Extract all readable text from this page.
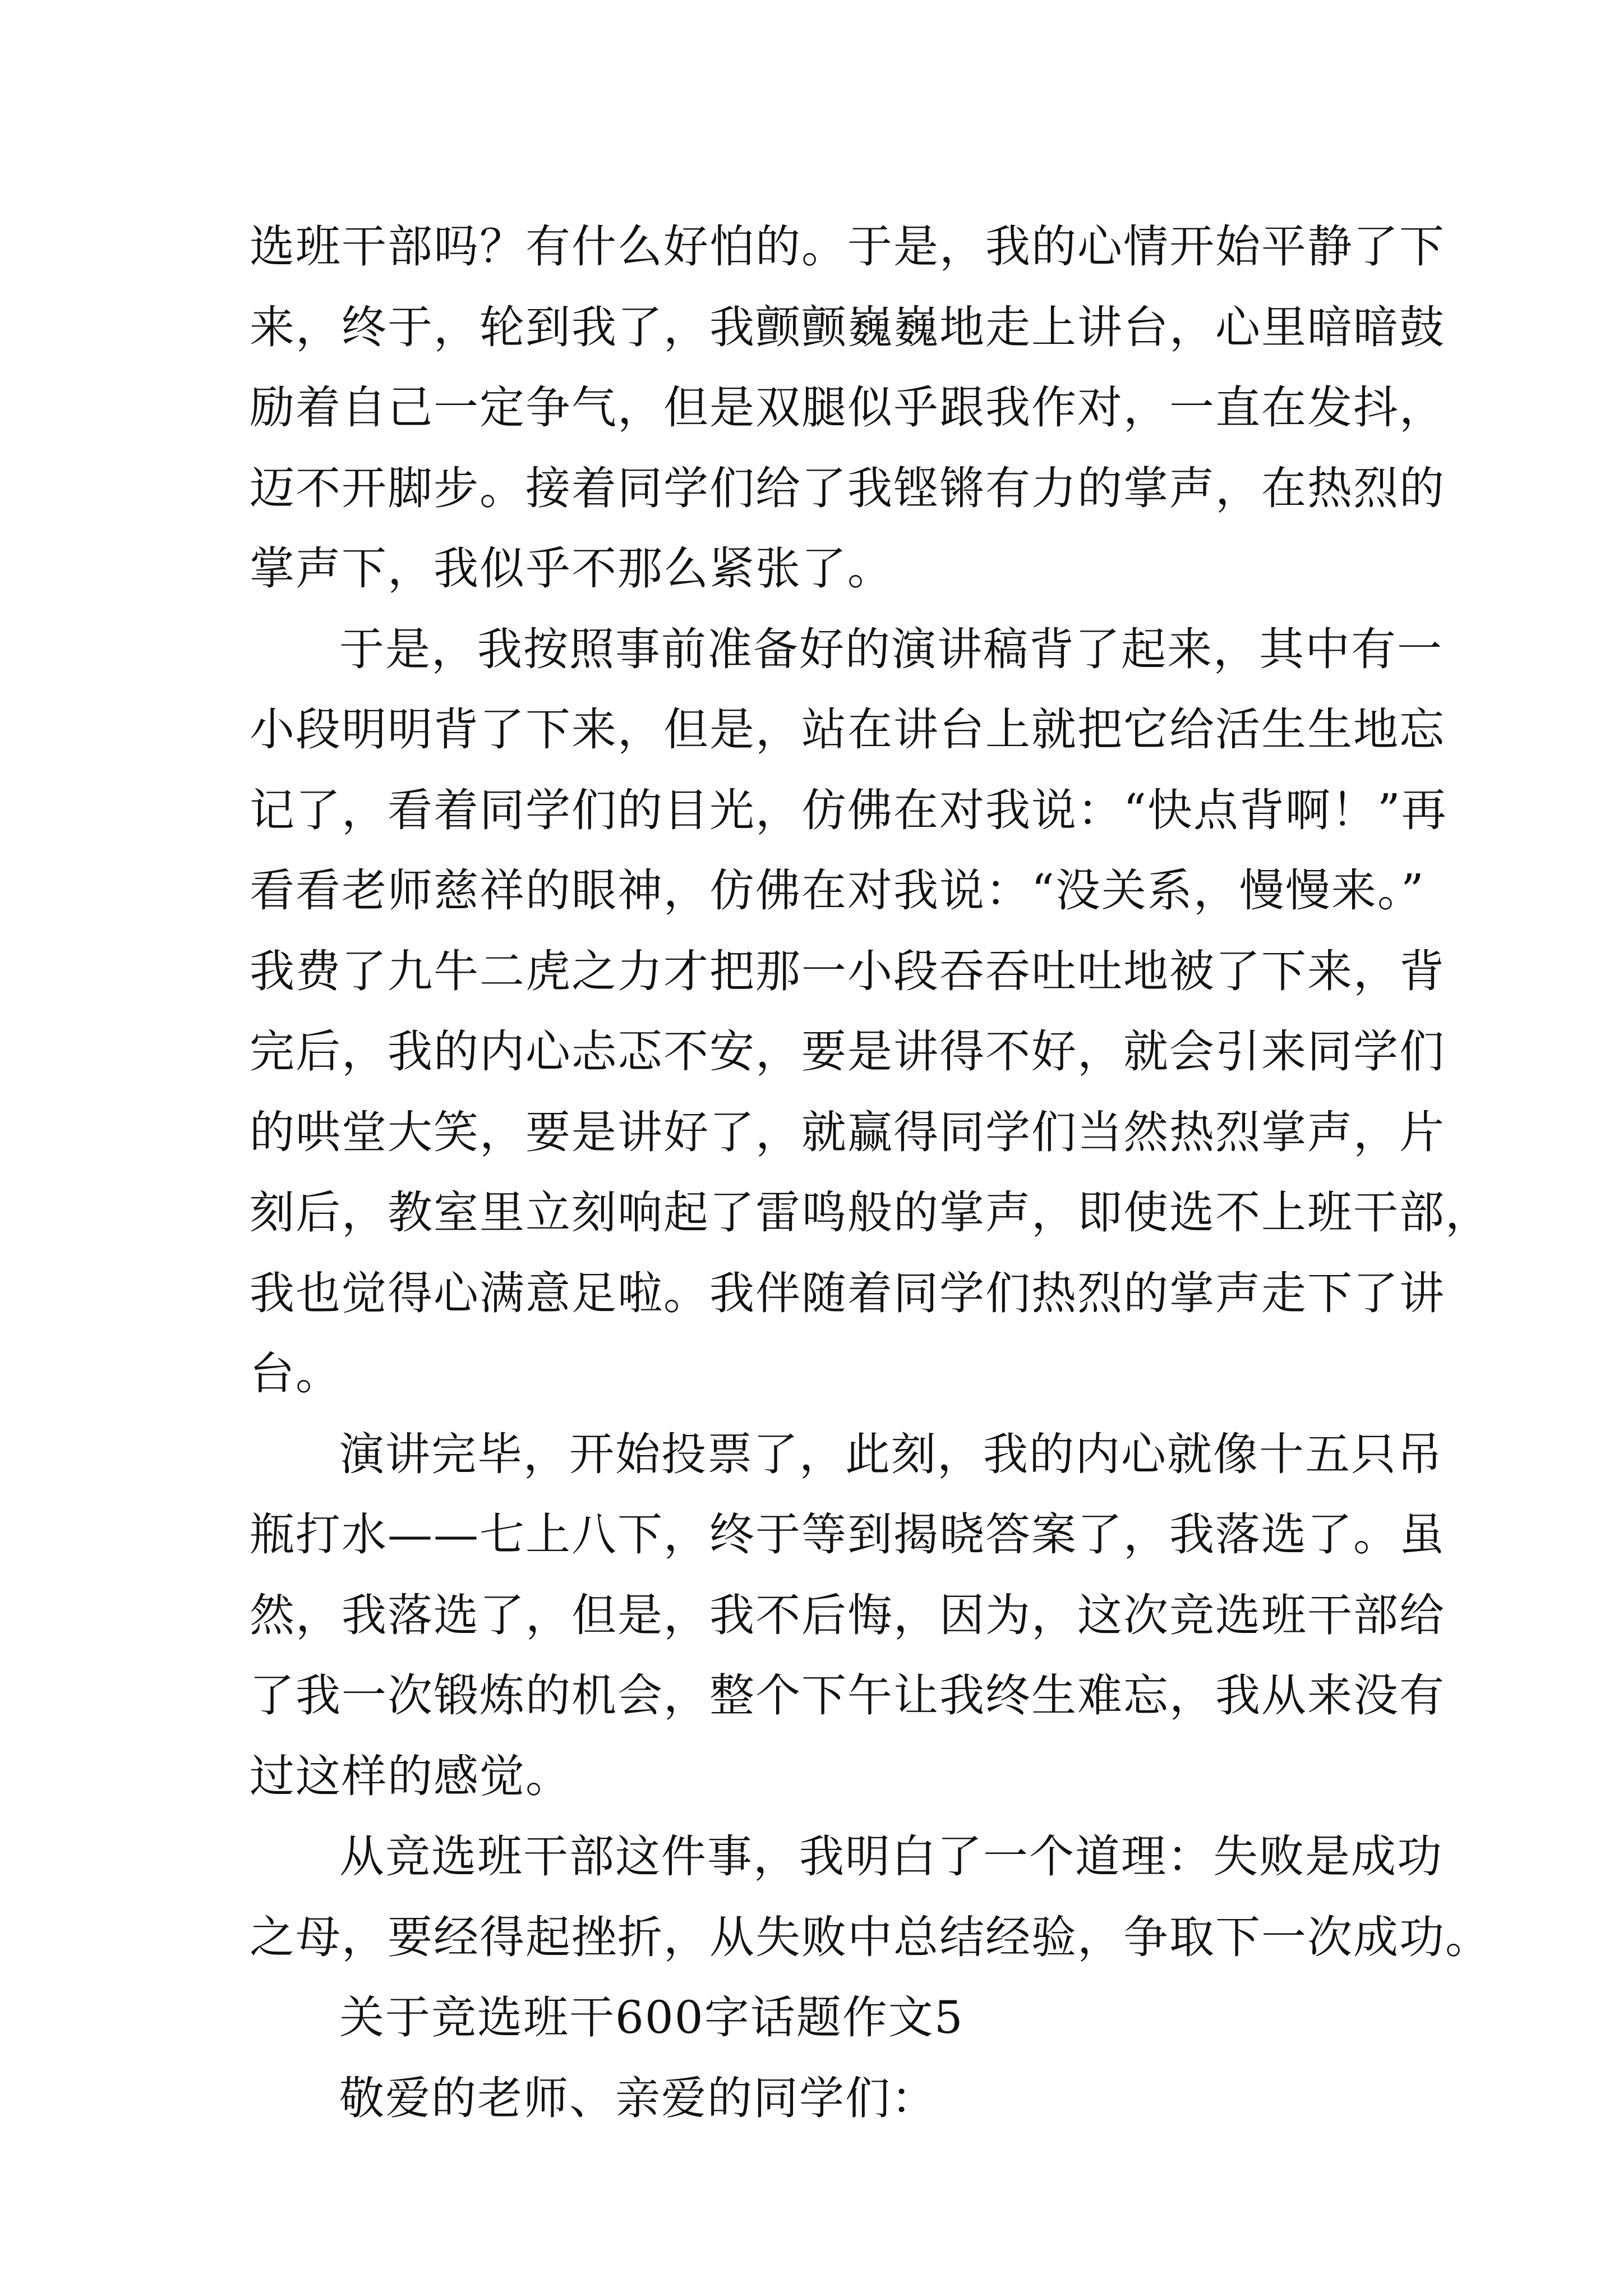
选班干部吗？有什么好怕的。于是，我的心情开始平静了下

来，终于，轮到我了，我颤颤巍巍地走上讲台，心里暗暗鼓

励着自己一定争气，但是双腿似乎跟我作对，一直在发抖，

迈不开脚步。接着同学们给了我铿锵有力的掌声，在热烈的

掌声下，我似乎不那么紧张了。

于是，我按照事前准备好的演讲稿背了起来，其中有一

小段明明背了下来，但是，站在讲台上就把它给活生生地忘

记了，看着同学们的目光，仿佛在对我说：“快点背啊！”再

看看老师慈祥的眼神，仿佛在对我说：“没关系，慢慢来。”

我费了九牛二虎之力才把那一小段吞吞吐吐地被了下来，背

完后，我的内心忐忑不安，要是讲得不好，就会引来同学们

的哄堂大笑，要是讲好了，就赢得同学们当然热烈掌声，片

刻后，教室里立刻响起了雷鸣般的掌声，即使选不上班干部，

我也觉得心满意足啦。我伴随着同学们热烈的掌声走下了讲

台。

演讲完毕，开始投票了，此刻，我的内心就像十五只吊

瓶打水——七上八下，终于等到揭晓答案了，我落选了。虽

然，我落选了，但是，我不后悔，因为，这次竞选班干部给

了我一次锻炼的机会，整个下午让我终生难忘，我从来没有

过这样的感觉。

从竞选班干部这件事，我明白了一个道理：失败是成功

之母，要经得起挫折，从失败中总结经验，争取下一次成功。

关于竞选班干600字话题作文5

敬爱的老师、亲爱的同学们：
